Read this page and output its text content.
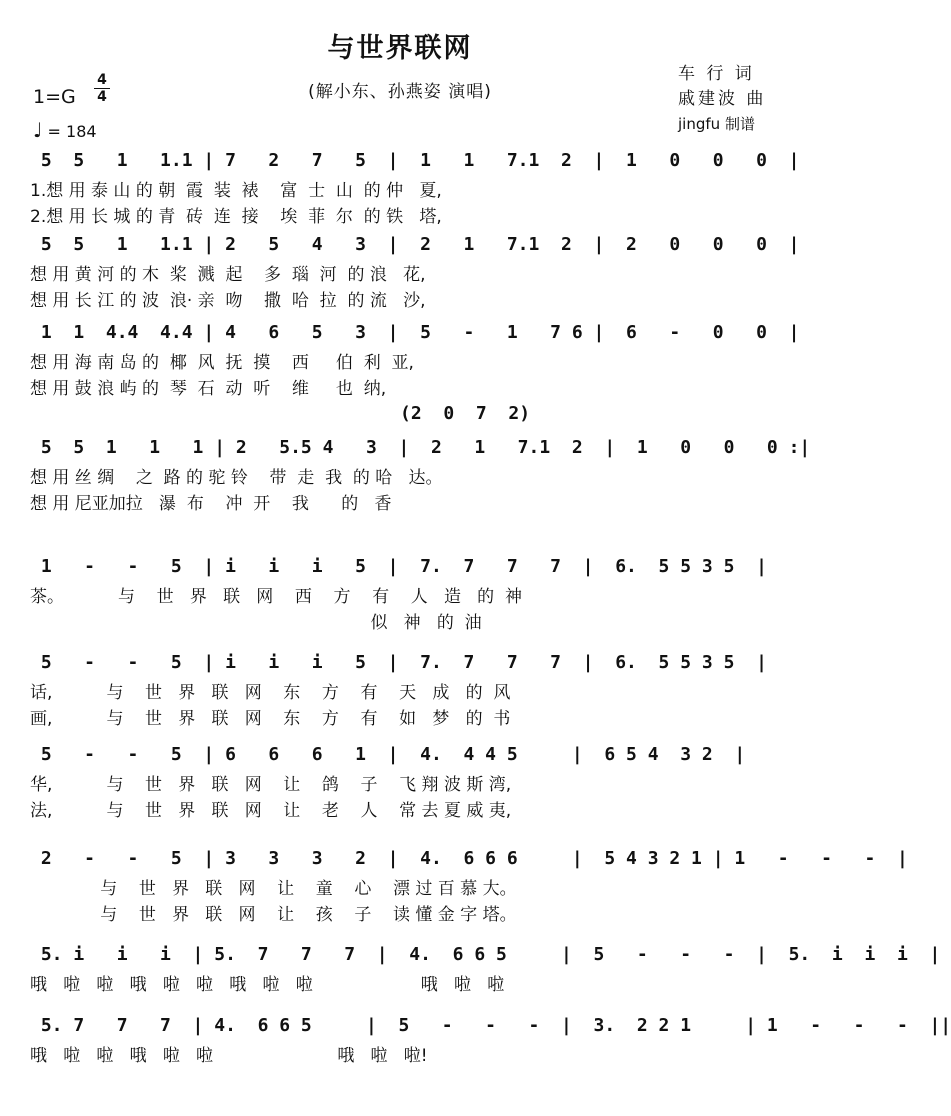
与世界联网
(解小东、孙燕姿 演唱)
1=G
4
4
♩ = 184
车 行 词
戚建波 曲
jingfu 制谱
5  5   1   1.1 | 7   2   7   5  |  1   1   7.1  2  |  1   0   0   0  |
1.想 用 泰 山 的 朝  霞  装  裱    富  士  山  的 仲   夏,
2.想 用 长 城 的 青  砖  连  接    埃  菲  尔  的 铁   塔,
5  5   1   1.1 | 2   5   4   3  |  2   1   7.1  2  |  2   0   0   0  |
想 用 黄 河 的 木  桨  溅  起    多  瑙  河  的 浪   花,
想 用 长 江 的 波  浪· 亲  吻    撒  哈  拉  的 流   沙,
1  1  4.4  4.4 | 4   6   5   3  |  5   -   1   7 6 |  6   -   0   0  |
想 用 海 南 岛 的  椰  风  抚  摸    西     伯  利  亚,
想 用 鼓 浪 屿 的  琴  石  动  听    维     也  纳,
(2  0  7  2)
5  5  1   1   1 | 2   5.5 4   3  |  2   1   7.1  2  |  1   0   0   0 :|
想 用 丝 绸    之  路 的 驼 铃    带  走  我  的 哈   达。
想 用 尼亚加拉   瀑  布    冲  开    我      的   香
1   -   -   5  | i   i   i   5  |  7.  7   7   7  |  6.  5 5 3 5  |
茶。          与    世   界   联   网    西    方    有    人   造   的  神
似   神   的  油
5   -   -   5  | i   i   i   5  |  7.  7   7   7  |  6.  5 5 3 5  |
话,          与    世   界   联   网    东    方    有    天   成   的  风
画,          与    世   界   联   网    东    方    有    如   梦   的  书
5   -   -   5  | 6   6   6   1  |  4.  4 4 5     |  6 5 4  3 2  |
华,          与    世   界   联   网    让    鸽    子    飞 翔 波 斯 湾,
法,          与    世   界   联   网    让    老    人    常 去 夏 威 夷,
2   -   -   5  | 3   3   3   2  |  4.  6 6 6     |  5 4 3 2 1 | 1   -   -   -  |
与    世   界   联   网    让    童    心    漂 过 百 慕 大。
与    世   界   联   网    让    孩    子    读 懂 金 字 塔。
5. i   i   i  | 5.  7   7   7  |  4.  6 6 5     |  5   -   -   -  |  5.  i  i  i  |
哦   啦   啦   哦   啦   啦   哦   啦   啦                    哦   啦   啦
5. 7   7   7  | 4.  6 6 5     |  5   -   -   -  |  3.  2 2 1     | 1   -   -   -  ||
哦   啦   啦   哦   啦   啦                       哦   啦   啦!
